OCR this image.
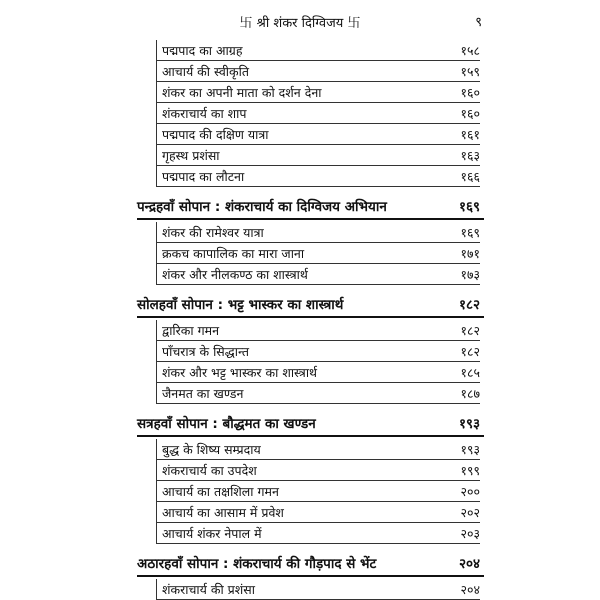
卐 श्री शंकर दिग्विजय 卐	९
पद्मपाद का आग्रह	१५८
आचार्य की स्वीकृति	१५९
शंकर का अपनी माता को दर्शन देना	१६०
शंकराचार्य का शाप	१६०
पद्मपाद की दक्षिण यात्रा	१६१
गृहस्थ प्रशंसा	१६३
पद्मपाद का लौटना	१६६
पन्द्रहवाँ सोपान : शंकराचार्य का दिग्विजय अभियान	१६९
शंकर की रामेश्वर यात्रा	१६९
क्रकच कापालिक का मारा जाना	१७१
शंकर और नीलकण्ठ का शास्त्रार्थ	१७३
सोलहवाँ सोपान : भट्ट भास्कर का शास्त्रार्थ	१८२
द्वारिका गमन	१८२
पाँचरात्र के सिद्धान्त	१८२
शंकर और भट्ट भास्कर का शास्त्रार्थ	१८५
जैनमत का खण्डन	१८७
सत्रहवाँ सोपान : बौद्धमत का खण्डन	१९३
बुद्ध के शिष्य सम्प्रदाय	१९३
शंकराचार्य का उपदेश	१९९
आचार्य का तक्षशिला गमन	२००
आचार्य का आसाम में प्रवेश	२०२
आचार्य शंकर नेपाल में	२०३
अठारहवाँ सोपान : शंकराचार्य की गौड़पाद से भेंट	२०४
शंकराचार्य की प्रशंसा	२०४
